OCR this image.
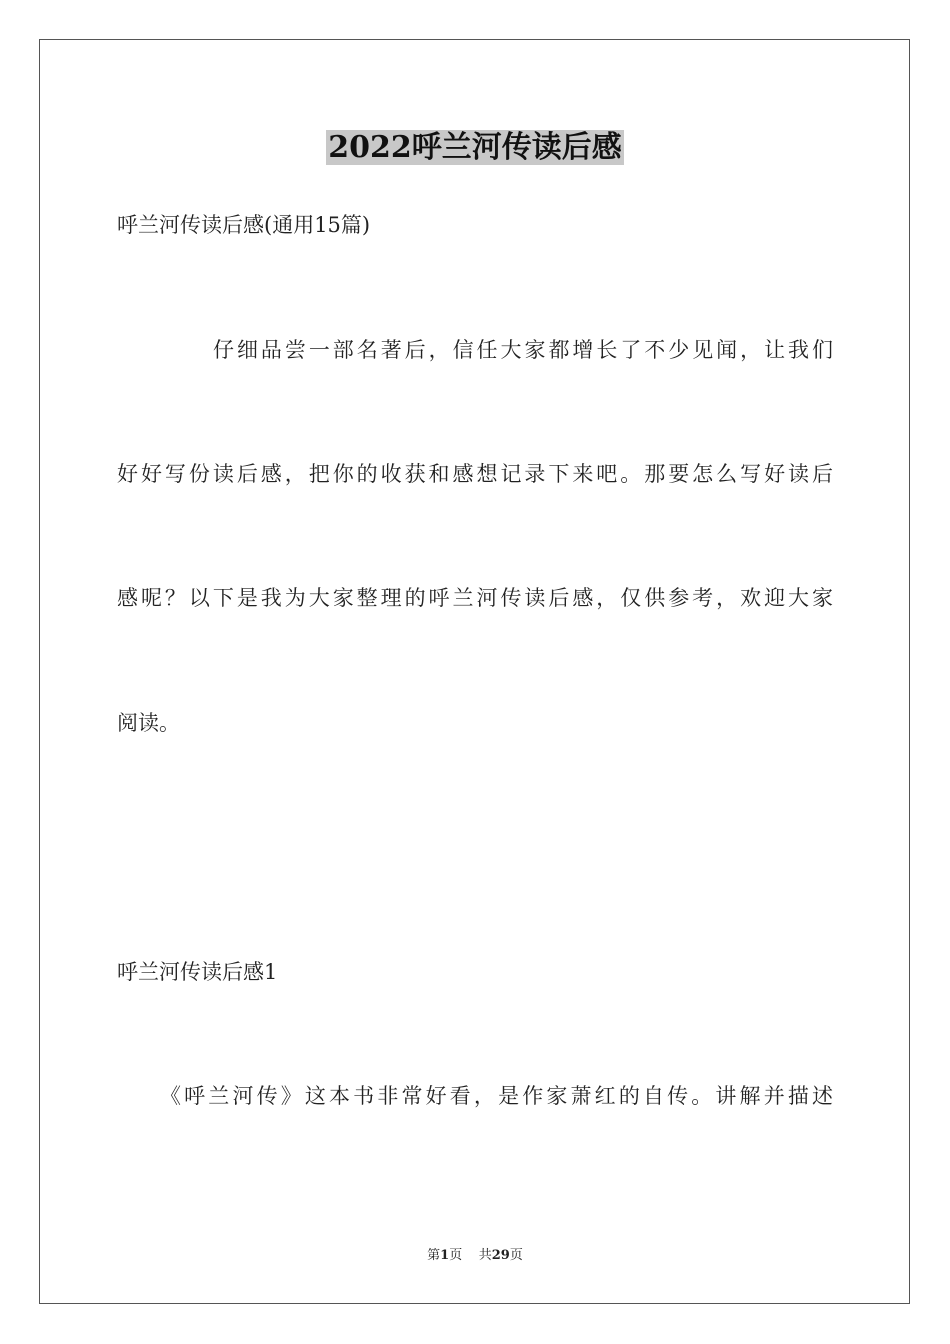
2022呼兰河传读后感
呼兰河传读后感(通用15篇)
仔细品尝一部名著后，信任大家都增长了不少见闻，让我们
好好写份读后感，把你的收获和感想记录下来吧。那要怎么写好读后
感呢？以下是我为大家整理的呼兰河传读后感，仅供参考，欢迎大家
阅读。
呼兰河传读后感1
《呼兰河传》这本书非常好看，是作家萧红的自传。讲解并描述
第1页 共29页
